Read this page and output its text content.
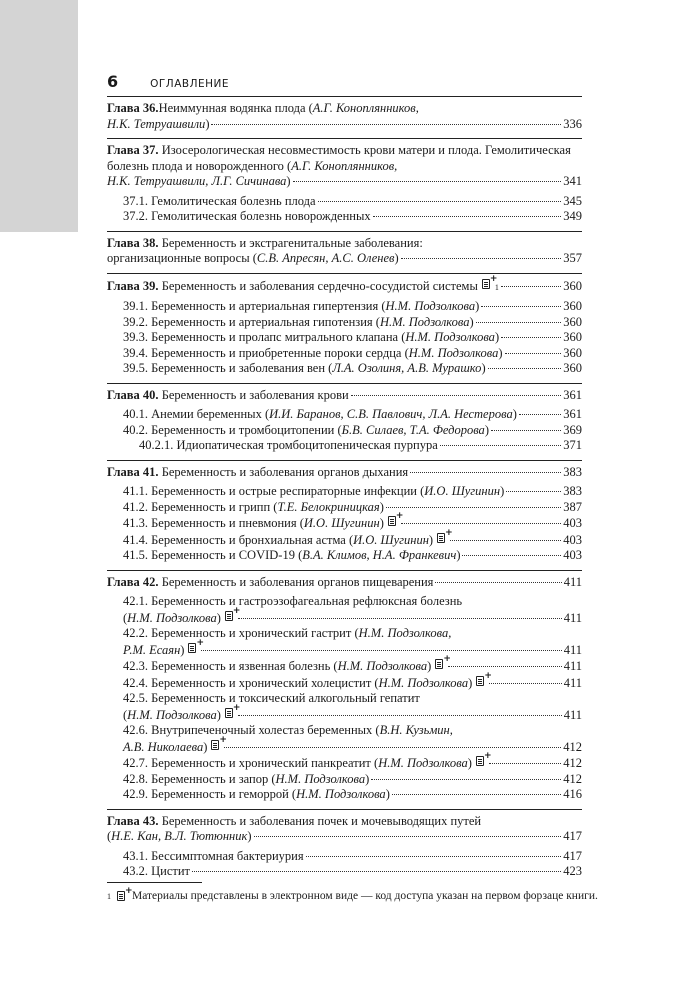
6	ОГЛАВЛЕНИЕ
Глава 36. Неиммунная водянка плода ( А.Г. Коноплянников,
Н.К. Тетруашвили )	336
Глава 37. Изосерологическая несовместимость крови матери и плода. Гемолитическая болезнь плода и новорожденного (А.Г. Коноплянников,
Н.К. Тетруашвили, Л.Г. Сичинава )	341
37.1. Гемолитическая болезнь плода	345
37.2. Гемолитическая болезнь новорожденных	349
Глава 38. Беременность и экстрагенитальные заболевания:
организационные вопросы ( С.В. Апресян, А.С. Оленев )	357
Глава 39.
Беременность и заболевания сердечно-сосудистой системы +
$_1$	360
39.1. Беременность и артериальная гипертензия ( Н.М. Подзолкова )	360
39.2. Беременность и артериальная гипотензия ( Н.М. Подзолкова )	360
39.3. Беременность и пролапс митрального клапана ( Н.М. Подзолкова )	360
39.4. Беременность и приобретенные пороки сердца ( Н.М. Подзолкова )	360
39.5. Беременность и заболевания вен ( Л.А. Озолиня, А.В. Мурашко )	360
Глава 40.
Беременность и заболевания крови	361
40.1. Анемии беременных ( И.И. Баранов, С.В. Павлович, Л.А. Нестерова )	361
40.2. Беременность и тромбоцитопении ( Б.В. Силаев, Т.А. Федорова )	369
40.2.1. Идиопатическая тромбоцитопеническая пурпура	371
Глава 41.
Беременность и заболевания органов дыхания	383
41.1. Беременность и острые респираторные инфекции ( И.О. Шугинин )	383
41.2. Беременность и грипп ( Т.Е. Белокриницкая )	387
41.3. Беременность и пневмония ( И.О. Шугинин ) +	403
41.4. Беременность и бронхиальная астма ( И.О. Шугинин ) +	403
41.5. Беременность и COVID-19 ( В.А. Климов, Н.А. Франкевич )	403
Глава 42.
Беременность и заболевания органов пищеварения	411
42.1. Беременность и гастроэзофагеальная рефлюксная болезнь
( Н.М. Подзолкова ) +	411
42.2. Беременность и хронический гастрит ( Н.М. Подзолкова,
Р.М. Есаян ) +	411
42.3. Беременность и язвенная болезнь ( Н.М. Подзолкова ) +	411
42.4. Беременность и хронический холецистит ( Н.М. Подзолкова ) +	411
42.5. Беременность и токсический алкогольный гепатит
( Н.М. Подзолкова ) +	411
42.6. Внутрипеченочный холестаз беременных ( В.Н. Кузьмин,
А.В. Николаева ) +	412
42.7. Беременность и хронический панкреатит ( Н.М. Подзолкова ) +	412
42.8. Беременность и запор ( Н.М. Подзолкова )	412
42.9. Беременность и геморрой ( Н.М. Подзолкова )	416
Глава 43. Беременность и заболевания почек и мочевыводящих путей
( Н.Е. Кан, В.Л. Тютюнник )	417
43.1. Бессимптомная бактериурия	417
43.2. Цистит	423
1 + Материалы представлены в электронном виде — код доступа указан на первом форзаце книги.
